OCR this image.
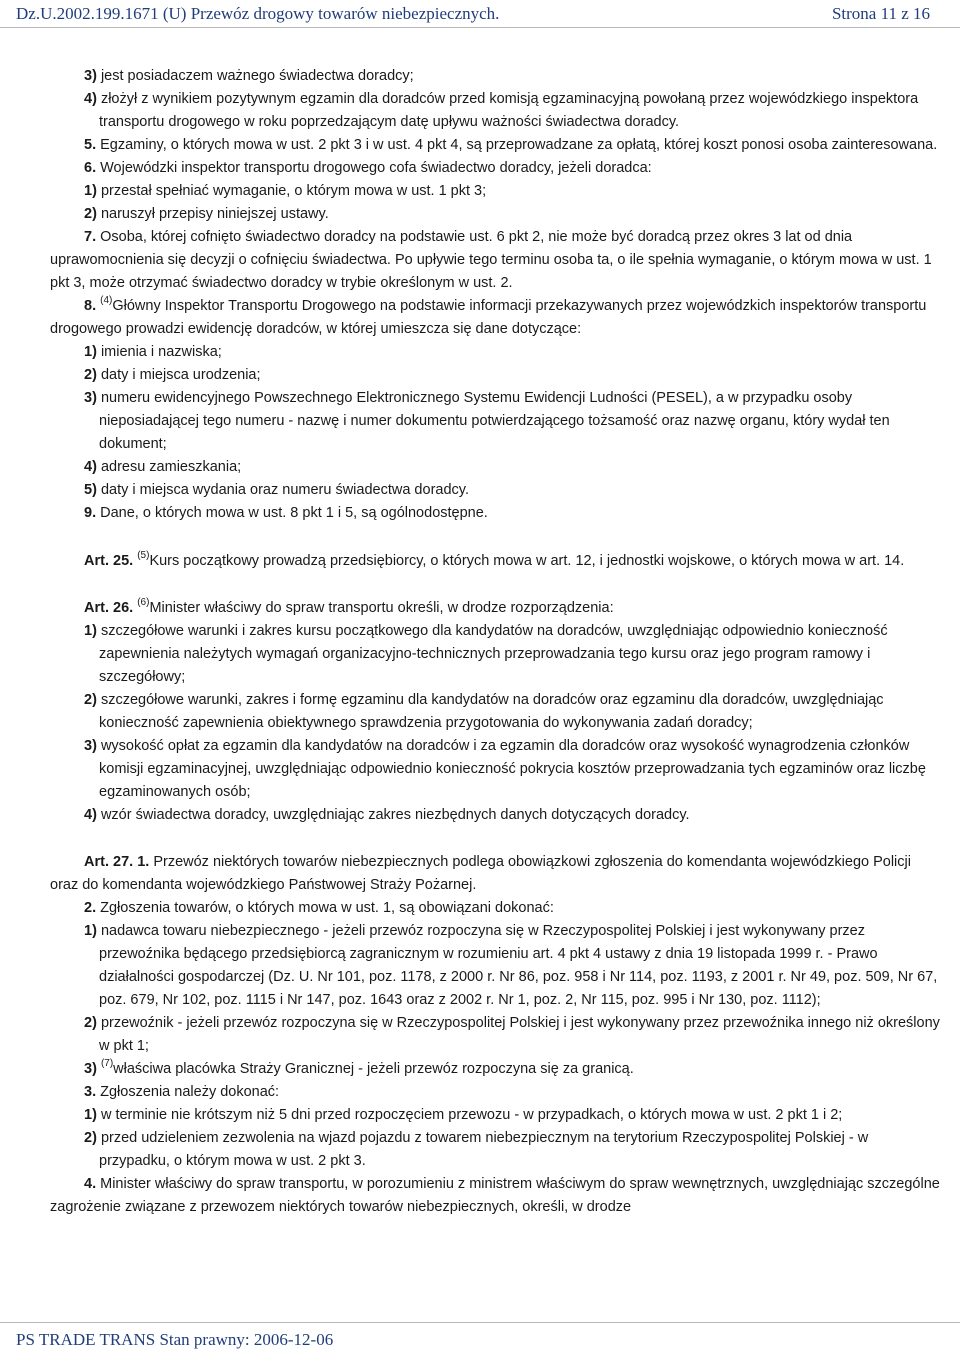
Dz.U.2002.199.1671 (U) Przewóz drogowy towarów niebezpiecznych.	Strona 11 z 16

3) jest posiadaczem ważnego świadectwa doradcy;

4) złożył z wynikiem pozytywnym egzamin dla doradców przed komisją egzaminacyjną powołaną przez wojewódzkiego inspektora transportu drogowego w roku poprzedzającym datę upływu ważności świadectwa doradcy.

5. Egzaminy, o których mowa w ust. 2 pkt 3 i w ust. 4 pkt 4, są przeprowadzane za opłatą, której koszt ponosi osoba zainteresowana.

6. Wojewódzki inspektor transportu drogowego cofa świadectwo doradcy, jeżeli doradca:

1) przestał spełniać wymaganie, o którym mowa w ust. 1 pkt 3;

2) naruszył przepisy niniejszej ustawy.

7. Osoba, której cofnięto świadectwo doradcy na podstawie ust. 6 pkt 2, nie może być doradcą przez okres 3 lat od dnia uprawomocnienia się decyzji o cofnięciu świadectwa. Po upływie tego terminu osoba ta, o ile spełnia wymaganie, o którym mowa w ust. 1 pkt 3, może otrzymać świadectwo doradcy w trybie określonym w ust. 2.

8. $^{(4)}$Główny Inspektor Transportu Drogowego na podstawie informacji przekazywanych przez wojewódzkich inspektorów transportu drogowego prowadzi ewidencję doradców, w której umieszcza się dane dotyczące:

1) imienia i nazwiska;

2) daty i miejsca urodzenia;

3) numeru ewidencyjnego Powszechnego Elektronicznego Systemu Ewidencji Ludności (PESEL), a w przypadku osoby nieposiadającej tego numeru - nazwę i numer dokumentu potwierdzającego tożsamość oraz nazwę organu, który wydał ten dokument;

4) adresu zamieszkania;

5) daty i miejsca wydania oraz numeru świadectwa doradcy.

9. Dane, o których mowa w ust. 8 pkt 1 i 5, są ogólnodostępne.

Art. 25. $^{(5)}$Kurs początkowy prowadzą przedsiębiorcy, o których mowa w art. 12, i jednostki wojskowe, o których mowa w art. 14.

Art. 26. $^{(6)}$Minister właściwy do spraw transportu określi, w drodze rozporządzenia:

1) szczegółowe warunki i zakres kursu początkowego dla kandydatów na doradców, uwzględniając odpowiednio konieczność zapewnienia należytych wymagań organizacyjno-technicznych przeprowadzania tego kursu oraz jego program ramowy i szczegółowy;

2) szczegółowe warunki, zakres i formę egzaminu dla kandydatów na doradców oraz egzaminu dla doradców, uwzględniając konieczność zapewnienia obiektywnego sprawdzenia przygotowania do wykonywania zadań doradcy;

3) wysokość opłat za egzamin dla kandydatów na doradców i za egzamin dla doradców oraz wysokość wynagrodzenia członków komisji egzaminacyjnej, uwzględniając odpowiednio konieczność pokrycia kosztów przeprowadzania tych egzaminów oraz liczbę egzaminowanych osób;

4) wzór świadectwa doradcy, uwzględniając zakres niezbędnych danych dotyczących doradcy.

Art. 27. 1. Przewóz niektórych towarów niebezpiecznych podlega obowiązkowi zgłoszenia do komendanta wojewódzkiego Policji oraz do komendanta wojewódzkiego Państwowej Straży Pożarnej.

2. Zgłoszenia towarów, o których mowa w ust. 1, są obowiązani dokonać:

1) nadawca towaru niebezpiecznego - jeżeli przewóz rozpoczyna się w Rzeczypospolitej Polskiej i jest wykonywany przez przewoźnika będącego przedsiębiorcą zagranicznym w rozumieniu art. 4 pkt 4 ustawy z dnia 19 listopada 1999 r. - Prawo działalności gospodarczej (Dz. U. Nr 101, poz. 1178, z 2000 r. Nr 86, poz. 958 i Nr 114, poz. 1193, z 2001 r. Nr 49, poz. 509, Nr 67, poz. 679, Nr 102, poz. 1115 i Nr 147, poz. 1643 oraz z 2002 r. Nr 1, poz. 2, Nr 115, poz. 995 i Nr 130, poz. 1112);

2) przewoźnik - jeżeli przewóz rozpoczyna się w Rzeczypospolitej Polskiej i jest wykonywany przez przewoźnika innego niż określony w pkt 1;

3) $^{(7)}$właściwa placówka Straży Granicznej - jeżeli przewóz rozpoczyna się za granicą.

3. Zgłoszenia należy dokonać:

1) w terminie nie krótszym niż 5 dni przed rozpoczęciem przewozu - w przypadkach, o których mowa w ust. 2 pkt 1 i 2;

2) przed udzieleniem zezwolenia na wjazd pojazdu z towarem niebezpiecznym na terytorium Rzeczypospolitej Polskiej - w przypadku, o którym mowa w ust. 2 pkt 3.

4. Minister właściwy do spraw transportu, w porozumieniu z ministrem właściwym do spraw wewnętrznych, uwzględniając szczególne zagrożenie związane z przewozem niektórych towarów niebezpiecznych, określi, w drodze

PS TRADE TRANS Stan prawny: 2006-12-06
